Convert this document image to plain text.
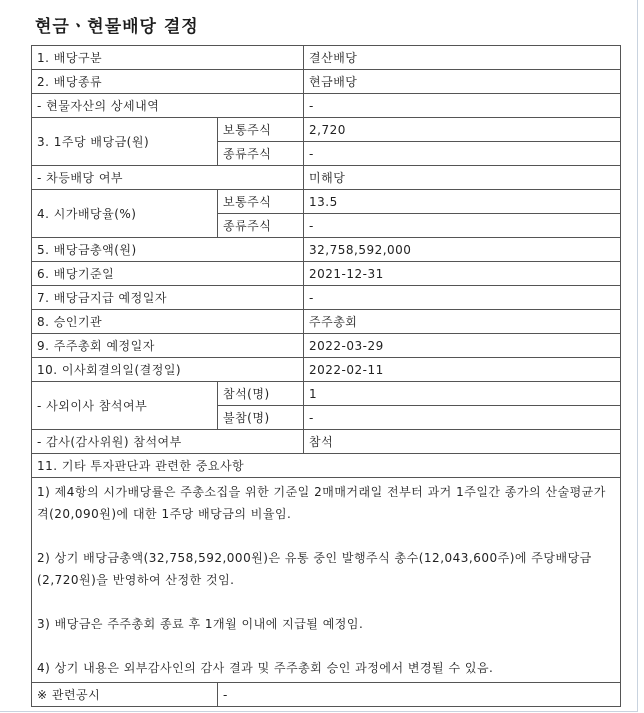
현금ㆍ현물배당 결정
1. 배당구분		결산배당
2. 배당종류		현금배당
- 현물자산의 상세내역		-
3. 1주당 배당금(원)	보통주식	2,720
	종류주식	-
- 차등배당 여부		미해당
4. 시가배당율(%)	보통주식	13.5
	종류주식	-
5. 배당금총액(원)		32,758,592,000
6. 배당기준일		2021-12-31
7. 배당금지급 예정일자		-
8. 승인기관		주주총회
9. 주주총회 예정일자		2022-03-29
10. 이사회결의일(결정일)		2022-02-11
- 사외이사 참석여부	참석(명)	1
	불참(명)	-
- 감사(감사위원) 참석여부		참석
11. 기타 투자판단과 관련한 중요사항		

1) 제4항의 시가배당률은 주총소집을 위한 기준일 2매매거래일 전부터 과거 1주일간 종가의 산술평균가격(20,090원)에 대한 1주당 배당금의 비율임.

2) 상기 배당금총액(32,758,592,000원)은 유통 중인 발행주식 총수(12,043,600주)에 주당배당금(2,720원)을 반영하여 산정한 것임.

3) 배당금은 주주총회 종료 후 1개월 이내에 지급될 예정임.

4) 상기 내용은 외부감사인의 감사 결과 및 주주총회 승인 과정에서 변경될 수 있음.		

※ 관련공시	-	
